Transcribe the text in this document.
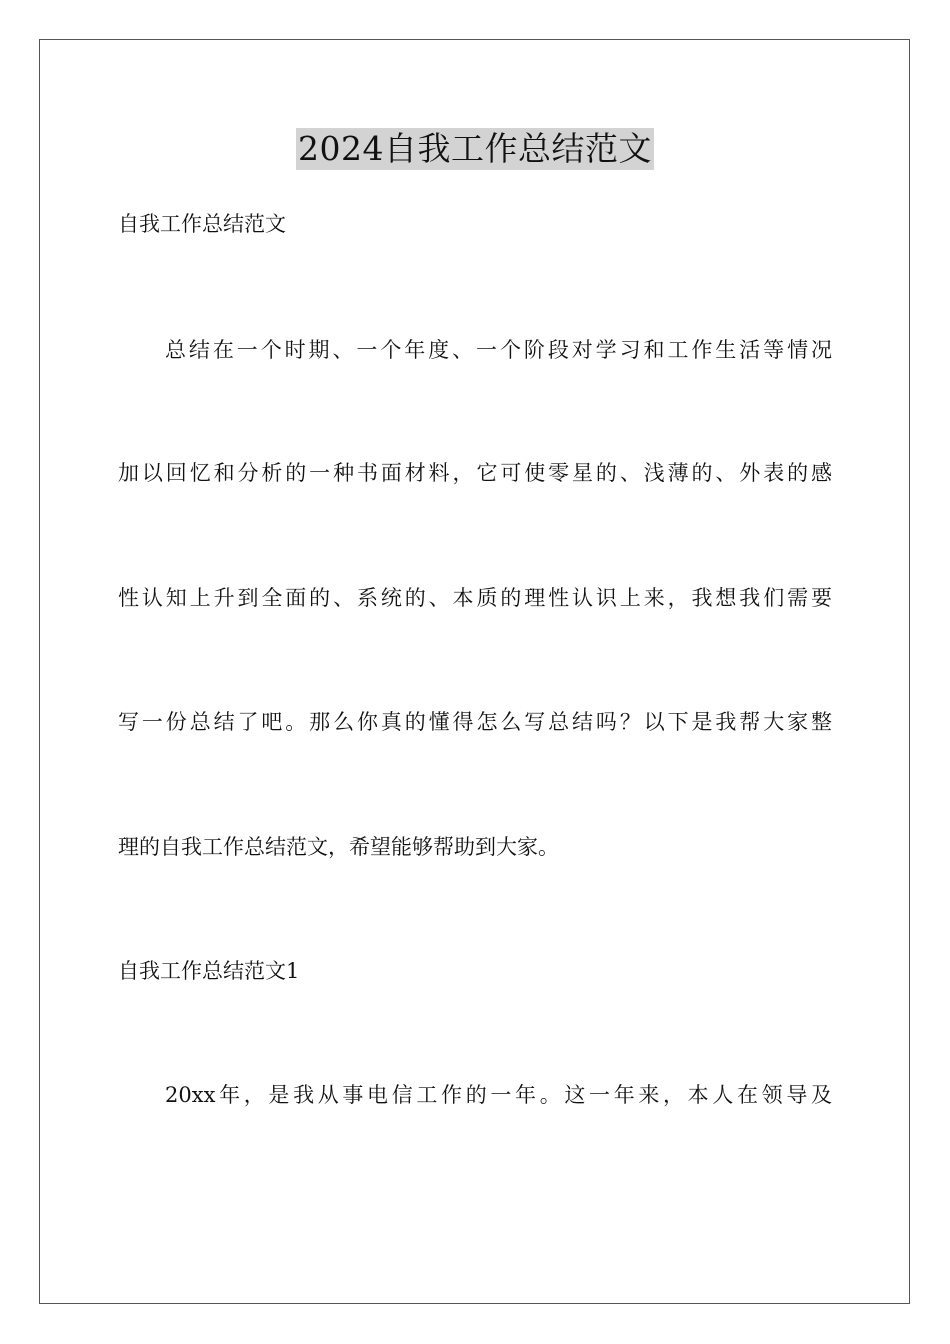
2024自我工作总结范文
自我工作总结范文
总结在一个时期、一个年度、一个阶段对学习和工作生活等情况
加以回忆和分析的一种书面材料，它可使零星的、浅薄的、外表的感
性认知上升到全面的、系统的、本质的理性认识上来，我想我们需要
写一份总结了吧。那么你真的懂得怎么写总结吗？以下是我帮大家整
理的自我工作总结范文，希望能够帮助到大家。
自我工作总结范文1
20xx年，是我从事电信工作的一年。这一年来，本人在领导及
